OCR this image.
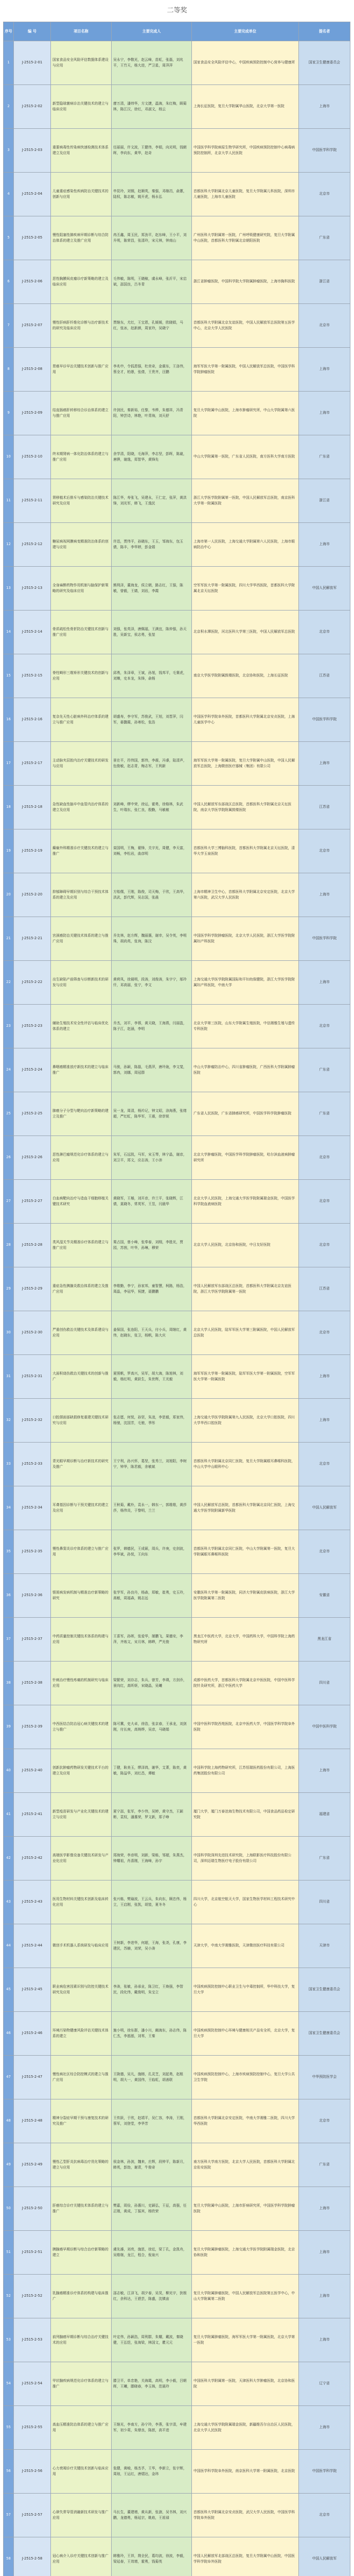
二等奖
序号	编 号	项目名称	主要完成人	主要完成单位	提名者
1	J-2515-2-01	国家食品安全风险评估数据体系建设与应用	吴永宁，李敬光，赵云峰，苗虹，张磊，刘兆平，王竹天，杨大进，严卫星，周萍萍	国家食品安全风险评估中心，中国疾病预防控制中心营养与健康所	国家卫生健康委员会
2	J-2515-2-02	新型隐球菌病诊治关键技术的建立与临床应用	廖万清，潘炜华，方文捷，温海，朱红梅，顾菊林，陈江汉，徐红，邓淑文，杨云	上海长征医院，复旦大学附属华山医院，北京大学第一医院	上海市
3	J-2515-2-03	重要病毒性传染病快速检测技术体系建立及应用	任丽丽，许文波，王健伟，李娟，向光明，钱朝晖，李向东，黄华，赵奇	中国医学科学院病原生物学研究所，中国疾病预防控制中心病毒病预防控制所，北京大学人民医院	中国医学科学院
4	J-2515-2-04	儿童重症感染性疾病防治关键技术的创新与应用	申昆玲，刘钢，赵顺英，秦强，邓继岿，俞蕙，陆权，陈志敏，姚开虎，杨永弘	首都医科大学附属北京儿童医院，复旦大学附属儿科医院，深圳市儿童医院，上海市儿童医院	北京市
5	J-2515-2-05	慢性阻塞性肺疾病早期诊断与综合防治体系的建立及推广应用	冉丕鑫，周玉民，郑劲平，赵东峰，王小平，刘升明，陈荣昌，张清玲，宋元林，钟南山	广州医科大学附属第一医院，广州呼吸健康研究院，复旦大学附属中山医院，首都医科大学附属北京朝阳医院	广东省
6	J-2515-2-06	恶性胸膜间皮瘤诊疗新策略的建立及临床应用	毛伟敏，陈明，王晓稼，虞永峰，张沂平，宋启斌，邵国良，吕冬青	浙江省肿瘤医院，中国科学院大学附属肿瘤医院，上海市胸科医院	浙江省
7	J-2515-2-07	慢性肝病肝纤维化诊断与治疗新技术的研究及临床应用	贾继东，尤红，王宝恩，孔媛媛，欧晓娟，马红，张冰，赵新颜，周家玲，吴晓宁	首都医科大学附属北京友谊医院，中国人民解放军总医院第五医学中心，北京大学人民医院	北京市
8	J-2515-2-08	胃癌早诊早治关键技术创新与推广应用	李兆申，令狐恩强，杜奕奇，金震东，王洛伟，蔡全才，柏愚，张倩，王贵齐，汪鹏	海军军医大学第一附属医院，中国人民解放军总医院，中国医学科学院肿瘤医院	上海市
9	J-2515-2-09	结直肠癌肝转移综合诊治体系的建立与推广应用	许剑民，秦新裕，任黎，韦烨，朱德祥，冯青阳，钟芸诗，林艳，叶青海，刘天舒	复旦大学附属中山医院，上海市肿瘤研究所，中山大学附属第六医院	上海市
10	J-2515-2-10	终末期肾病一体化防治体系的建立与推广应用	余学清，阳晓，毛海萍，李志坚，彭晖，陈崴，唐骅，谢逸，郑智华，黄锋先	中山大学附属第一医院，广东省人民医院，南方医科大学南方医院	广东省
11	J-2515-2-11	肾移植术后排斥与感染防治关键技术研究及应用	陈江华，寿张飞，吴建永，王仁定，张萍，黄洪锋，刘光军，韩飞，王逸民	浙江大学医学院附属第一医院，中国人民解放军总医院，南京医科大学第一附属医院	浙江省
12	J-2515-2-12	糖尿病视网膜病变精准防治体系的创建与应用	许迅，贾伟平，孙晓东，王玉，邹海东，包玉倩，陈丰，李华婷，彭金娟	上海市第一人民医院，上海交通大学附属第六人民医院，上海市眼病防治中心	上海市
13	J-2515-2-13	全身麻醉药物作用机制与脑保护新策略的研究及临床应用	熊利泽，董海龙，侯立朝，路志红，王强，陈敏，曾毅，王婧，刘岩，李霞	空军军医大学第一附属医院，四川大学华西医院，首都医科大学附属北京天坛医院	中国人民解放军
14	J-2515-2-14	骨质疏松性骨折防治关键技术创新与推广应用	刘强，张英泽，唐佩福，王满宜，陈仲强，孙天胜，吴新宝，侯志勇，张堃	北京积水潭医院，河北医科大学第三医院，中国人民解放军总医院	北京市
15	J-2515-2-15	脊柱畸形三维矫形关键技术的创新与应用	邱勇，朱泽章，王斌，孙旭，钱邦平，毛赛虎，刘臻，史本龙，朱锋，俞杨	南京大学医学院附属鼓楼医院，北京协和医院，上海长征医院	江苏省
16	J-2515-2-16	复杂先天性心脏病外科治疗体系的建立与推广应用	胡盛寿，李守军，苏俊武，王旭，刘晋萍，闫军，晏馥霞，孙寒松，张浩	中国医学科学院阜外医院，首都医科大学附属北京安贞医院，上海儿童医学中心	中国医学科学院
17	J-2515-2-17	主动脉夹层腔内治疗关键技术的研发与应用	景在平，符伟国，郭伟，李震，冯睿，陆清声，包俊敏，赵志青，梅志军，王利新	海军军医大学第一附属医院，复旦大学附属中山医院，中国人民解放军总医院，上海微创医疗器械（集团）有限公司	上海市
18	J-2515-2-18	急性缺血性脑卒中血管内治疗体系的建立及应用	刘新峰，缪中荣，徐运，霍勇，徐格林，朱武生，叶瑞东，张仁良，殷勤，马敏敏	中国人民解放军东部战区总医院，首都医科大学附属北京天坛医院，南京大学医学院附属鼓楼医院	江苏省
19	J-2515-2-19	癫痫外科精准诊疗关键技术的建立与推广	栾国明，王梅，翟锋，关宇光，周健，李天富，刘畅，李松岩，曲彦明	首都医科大学三博脑科医院，首都医科大学附属北京天坛医院，清华大学玉泉医院	北京市
20	J-2515-2-20	抑郁障碍早期识别与综合干预技术体系的建立及应用	方贻儒，王刚，陈俊，司天梅，于欣，王高华，洪武，彭代辉，吴志国，张晨	上海市精神卫生中心，首都医科大学附属北京安定医院，北京大学第六医院，武汉大学人民医院	上海市
21	J-2515-2-21	宫颈癌防治关键技术体系的建立与推广应用	乔友林，赵方辉，魏丽惠，谢幸，吴令英，李明珠，胡尚英，张询，陈汶	中国医学科学院肿瘤医院，北京大学人民医院，浙江大学医学院附属妇产科医院	中国医学科学院
22	J-2515-2-22	出生缺陷产前筛查与诊断新技术的研发与应用	黄荷凤，徐晨明，段涛，刘俊涛，朱宇宁，邬玲仟，邓高丽，张宁，李文	上海交通大学医学院附属国际和平妇幼保健院，浙江大学医学院附属妇产科医院，中南大学	上海市
23	J-2515-2-23	辅助生殖技术安全性评估与临床优化体系的建立	乔杰，刘平，李蓉，黄天晓，王海燕，闫丽盈，陈子江，赵涵，李明	北京大学第三医院，山东大学附属生殖医院，中信湘雅生殖与遗传专科医院	北京市
24	J-2515-2-24	鼻咽癌精准放疗新技术的建立与临床推广	马骏，孙颖，陈磊，毛燕萍，唐玲珑，李文斐，郭冉，刘娜，周冠群	中山大学肿瘤防治中心，四川省肿瘤医院，广西医科大学附属肿瘤医院	广东省
25	J-2515-2-25	肺癌分子分型与靶向治疗新策略的建立及推广	吴一龙，周清，杨衿记，钟文昭，涂海燕，张绪超，严红虹，陈华军，王震，徐崇锐	广东省人民医院，广东省肺癌研究所，中国医学科学院肿瘤医院	广东省
26	J-2515-2-26	恶性淋巴瘤规范化诊疗体系的建立与应用	朱军，石远凯，马军，宋玉琴，林宁晶，谢彦，刘卫平，郑文，应志涛，王小沛	北京大学肿瘤医院，中国医学科学院肿瘤医院，哈尔滨血液病肿瘤研究所	北京市
27	J-2515-2-27	白血病靶向治疗与造血干细胞移植关键技术研究	黄晓军，王椿，刘开彦，许兰平，张晓辉，江倩，莫晓冬，常英军，王昱，闫晨华	北京大学人民医院，上海交通大学医学院附属瑞金医院，中国医学科学院血液病医院	北京市
28	J-2515-2-28	类风湿关节炎精准诊疗体系的建立与推广应用	栗占国，曾小峰，张奉春，刘栩，李胜光，贾园，苏茵，叶华，孙琳，穆荣	北京大学人民医院，北京协和医院，中日友好医院	北京市
29	J-2515-2-29	重症急性胰腺炎救治体系的建立及推广应用	李维勤，李宁，孙家邦，童智慧，柯路，杨浩，周晶，李冠华，祝捷，聂鹏鹏	中国人民解放军东部战区总医院，首都医科大学附属北京友谊医院，浙江大学医学院附属第一医院	江苏省
30	J-2515-2-30	严重创伤救治关键技术及体系建设与应用	姜保国，张连阳，王天兵，付小兵，周继红，黄伟，赵晓东，张卫，杨帆，陈大庆	北京大学人民医院，陆军军医大学第三附属医院，中国人民解放军总医院	北京市
31	J-2515-2-31	大面积烧伤救治关键技术的创新与推广	夏照帆，罗高兴，吴军，胡大海，陈旭林，刘毅，杨红明，黄跃生，朱世辉，王光毅	海军军医大学第一附属医院，陆军军医大学第一附属医院，空军军医大学第一附属医院	上海市
32	J-2515-2-32	口腔颌面部缺损修复重建关键技术研究与应用	张志愿，何悦，孙坚，朱凌，李思毅，郑家伟，杨驰，沈国芳，毛驰，季彤	上海交通大学医学院附属第九人民医院，北京大学口腔医院，四川大学华西口腔医院	上海市
33	J-2515-2-33	青光眼早期诊断与治疗新技术的研究及推广	王宁利，孙兴怀，葛坚，张秀兰，刘旭阳，李树宁，钟华，陈君毅，余敏斌	首都医科大学附属北京同仁医院，复旦大学附属眼耳鼻喉科医院，中山大学中山眼科中心	北京市
34	J-2515-2-34	耳聋基因诊断与干预关键技术的建立及应用	王秋菊，戴朴，袁永一，韩东一，郭维维，黄莎莎，杨伟炎，于黎明，兰兰	中国人民解放军总医院，首都医科大学附属北京同仁医院，上海交通大学医学院附属新华医院	中国人民解放军
35	J-2515-2-35	慢性鼻窦炎诊疗体系的建立与推广应用	张罗，韩德民，王成硕，周兵，许庚，史剑波，李华斌，孙悦，王向东	首都医科大学附属北京同仁医院，中山大学附属第一医院，复旦大学附属眼耳鼻喉科医院	北京市
36	J-2515-2-36	银屑病发病机制与精准治疗新策略的研究	张学军，孙良丹，杨森，郑敏，崔勇，史玉玲，高敏，周福森，姚志远	安徽医科大学第一附属医院，同济大学附属皮肤病医院，浙江大学医学院附属第二医院	安徽省
37	J-2515-2-37	中药质量控制关键技术体系的构建与应用	王喜军，孙晖，张爱华，屠鹏飞，果德安，李萍，齐炼文，宋月林，韩晔，严光俊	黑龙江中医药大学，北京大学，中国药科大学，中国科学院上海药物研究所	黑龙江省
38	J-2515-2-38	针刺治疗慢性疼痛的机制研究与临床应用	梁繁荣，刘存志，朱兵，曾芳，李瑛，方剑乔，景向红，高昕妍，宋晓晶，吴曦	成都中医药大学，首都医科大学附属北京中医医院，中国中医科学院针灸研究所，浙江中医药大学	四川省
39	J-2515-2-39	中西医结合防治冠心病关键技术的建立与推广	陈可冀，史大卓，徐浩，张京春，王承龙，刘剑刚，付长庚，高铸烨，吴彦，马晓娟	中国中医科学院西苑医院，北京中医药大学，中国医学科学院阜外医院	中国中医科学院
40	J-2515-2-40	创新抗肿瘤药物研发关键技术平台的建立及应用	丁健，耿美玉，缪泽鸿，谢华，艾菁，陈奕，黄敏，陈益华，刘红昌，谭敏	中国科学院上海药物研究所，江苏恒瑞医药股份有限公司，上海医药集团股份有限公司	上海市
41	J-2515-2-41	新型疫苗研发与产业化关键技术的建立与应用	夏宁邵，张军，李少伟，吴婷，黄守杰，王颖彬，袁权，潘惠荣，罗文新，郑子峥	厦门大学，厦门万泰沧海生物技术有限公司，中国食品药品检定研究院	福建省
42	J-2515-2-42	高端医学影像设备关键技术研发与产业化应用	郑海荣，李彦明，刘新，梁栋，邹超，朱燕杰，钟耀祖，肖喜刚，王海峰，孙宇	中国科学院深圳先进技术研究院，上海联影医疗科技股份有限公司，深圳迈瑞生物医疗电子股份有限公司	广东省
43	J-2515-2-43	医用生物材料关键技术创新及临床转化应用	张兴栋，樊瑜波，王云兵，朱向东，顾忠伟，杨立，王启刚，张凯，胡堃，夏冬冬	四川大学，北京航空航天大学，国家生物医学材料工程技术研究中心	四川省
44	J-2515-2-44	微创手术机器人系统研发与临床应用	王树新，李进华，何超，王海，张尧，孔康，李建民，苏赫，刘荣，吴小涛	天津大学，中南大学湘雅医院，天津微创医疗科技有限公司	天津市
45	J-2515-2-45	职业病危害因素识别与防控关键技术研究及应用	李涛，张敏，孙承业，陈卫红，王焕强，李智民，段化伟，戴俊明，朱宝立	中国疾病预防控制中心职业卫生与中毒控制所，华中科技大学，复旦大学	国家卫生健康委员会
46	J-2515-2-46	环境污染物健康风险评估关键技术体系的建立	施小明，徐东群，潘小川，阚海东，孙志伟，陈仁杰，李湉湉，刘苇，王秦	中国疾病预防控制中心环境与健康相关产品安全所，北京大学，复旦大学	国家卫生健康委员会
47	J-2515-2-47	慢性病社区综合防控模式的建立与推广应用	王陇德，吴凡，施榕，孔灵芝，刘起勇，赵根明，胡大一，黄国伟，王临虹，胡善联	中国疾病预防控制中心，上海市疾病预防控制中心，复旦大学公共卫生学院	中华预防医学会
48	J-2515-2-48	精神分裂症早期干预与康复技术的研究及推广	王传跃，于欣，赵靖平，吴仁容，李涛，王刚，蔡军，刘登堂，李华芳	首都医科大学附属北京安定医院，中南大学湘雅二医院，四川大学华西医院	北京市
49	J-2515-2-49	慢性乙型肝炎抗病毒治疗优化策略的建立与应用	侯金林，孙剑，魏来，庄辉，段钟平，陈新月，韩英，彭劼，谢青，牛俊奇	南方医科大学南方医院，北京大学人民医院，首都医科大学附属北京佑安医院	广东省
50	J-2515-2-50	肝癌综合诊疗关键技术体系的建立与推广	樊嘉，周俭，孙惠川，史颖弘，王征，高强，任正刚，黄成，丁振宾，杨欣荣	复旦大学附属中山医院，上海市肝病研究所，中国医学科学院肿瘤医院	上海市
51	J-2515-2-51	胰腺癌早期诊断与综合治疗新策略的建立	虞先濬，刘亮，施思，徐近，梁丁孔，金凯舟，吴维继，龙江，程合，倪泉兴	复旦大学附属肿瘤医院，上海交通大学医学院附属瑞金医院，北京协和医院	上海市
52	J-2515-2-52	乳腺癌精准诊疗体系的构建与临床推广	邵志敏，江泽飞，胡夕春，吴炅，柳光宇，狄根红，余科达，王碧芸，陈盛，沈镇宙	复旦大学附属肿瘤医院，中国人民解放军总医院第五医学中心，中山大学附属第二医院	上海市
53	J-2515-2-53	前列腺癌早期诊断与综合治疗关键技术的应用	叶定伟，孙颖浩，周利群，朱耀，戴波，秦晓健，王弘恺，张海梁，林国文，瞿元元	复旦大学附属肿瘤医院，海军军医大学第一附属医院，北京大学第一医院	上海市
54	J-2515-2-54	甲状腺疾病规范化诊疗体系的建立与推广	滕卫平，单忠艳，关海霞，高明，李小毅，吕朝晖，王曦，滕晓春，李玉姝，范晨玲	中国医科大学附属第一医院，天津医科大学肿瘤医院，北京协和医院	辽宁省
55	J-2515-2-55	高血压精准防治体系的建立与推广应用	王继光，李南方，孙宁玲，李燕，张宇清，牟建军，初少莉，朱鼎良，陈歆，高平进	上海交通大学医学院附属瑞金医院，新疆维吾尔自治区人民医院，北京大学人民医院	上海市
56	J-2515-2-56	心力衰竭诊疗关键技术创新与临床应用	张健，黄峻，杨杰孚，王华，李新立，张宇辉，周琼，王运红，唐熠达，金玮	中国医学科学院阜外医院，南京医科大学第一附属医院，北京医院	中国医学科学院
57	J-2515-2-57	心律失常导管消融新技术研发与推广应用	马长生，董建增，黄从新，张澍，吴书林，刘兴鹏，龙德勇，杨延宗，姚焰，王祖禄	首都医科大学附属北京安贞医院，武汉大学人民医院，中国医学科学院阜外医院	北京市
58	J-2515-2-58	冠心病介入诊疗关键技术创新与推广应用	韩雅玲，王祥，荆全民，葛均波，徐波，李毅，梁延春，王效增，霍勇，钱菊英	中国人民解放军北部战区总医院，复旦大学附属中山医院，中国医学科学院阜外医院	中国人民解放军
